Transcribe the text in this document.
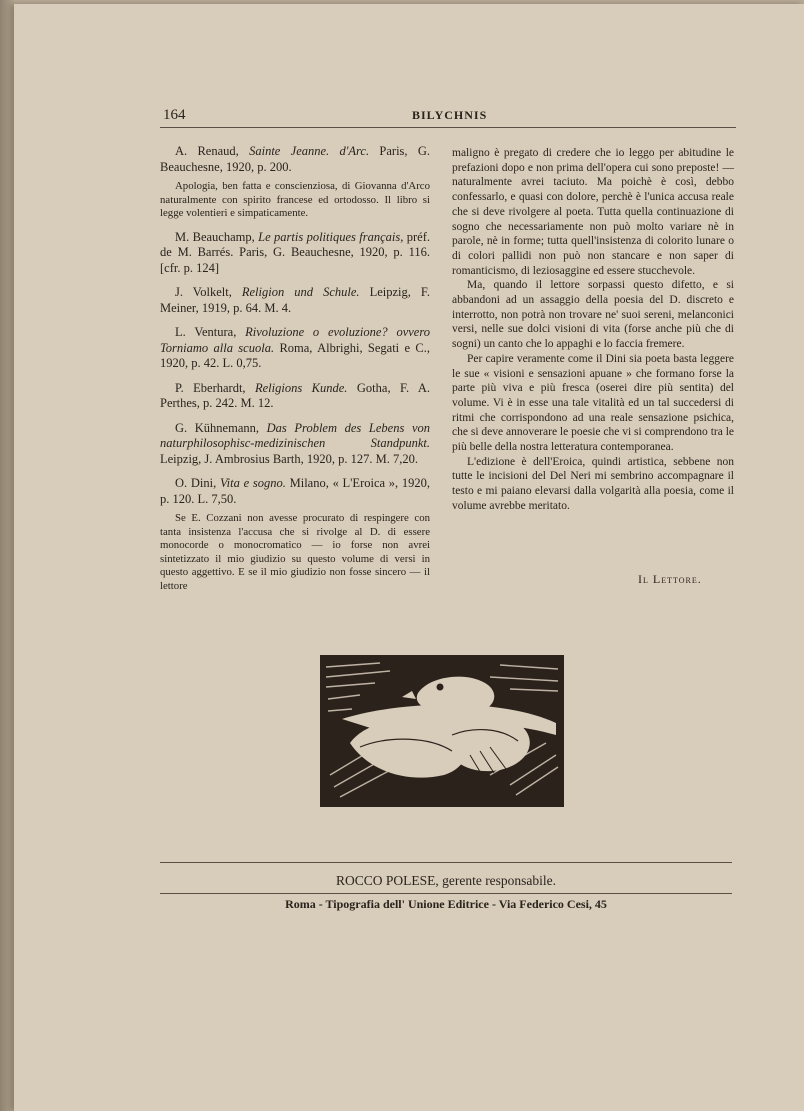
164	BILYCHNIS
A. Renaud, Sainte Jeanne. d'Arc. Paris, G. Beauchesne, 1920, p. 200.
Apologia, ben fatta e conscienziosa, di Giovanna d'Arco naturalmente con spirito francese ed ortodosso. Il libro si legge volentieri e simpaticamente.
M. Beauchamp, Le partis politiques français, préf. de M. Barrés. Paris, G. Beauchesne, 1920, p. 116. [cfr. p. 124]
J. Volkelt, Religion und Schule. Leipzig, F. Meiner, 1919, p. 64. M. 4.
L. Ventura, Rivoluzione o evoluzione? ovvero Torniamo alla scuola. Roma, Albrighi, Segati e C., 1920, p. 42. L. 0,75.
P. Eberhardt, Religions Kunde. Gotha, F. A. Perthes, p. 242. M. 12.
G. Kühnemann, Das Problem des Lebens von naturphilosophisc-medizinischen Standpunkt. Leipzig, J. Ambrosius Barth, 1920, p. 127. M. 7,20.
O. Dini, Vita e sogno. Milano, « L'Eroica », 1920, p. 120. L. 7,50.
Se E. Cozzani non avesse procurato di respingere con tanta insistenza l'accusa che si rivolge al D. di essere monocorde o monocromatico — io forse non avrei sintetizzato il mio giudizio su questo volume di versi in questo aggettivo. E se il mio giudizio non fosse sincero — il lettore

maligno è pregato di credere che io leggo per abitudine le prefazioni dopo e non prima dell'opera cui sono preposte! — naturalmente avrei taciuto. Ma poichè è così, debbo confessarlo, e quasi con dolore, perchè è l'unica accusa reale che si deve rivolgere al poeta. Tutta quella continuazione di sogno che necessariamente non può molto variare nè in parole, nè in forme; tutta quell'insistenza di colorito lunare o di colori pallidi non può non stancare e non saper di romanticismo, di leziosaggine ed essere stucchevole.

Ma, quando il lettore sorpassi questo difetto, e si abbandoni ad un assaggio della poesia del D. discreto e interrotto, non potrà non trovare ne' suoi sereni, melanconici versi, nelle sue dolci visioni di vita (forse anche più che di sogni) un canto che lo appaghi e lo faccia fremere.

Per capire veramente come il Dini sia poeta basta leggere le sue « visioni e sensazioni apuane » che formano forse la parte più viva e più fresca (oserei dire più sentita) del volume. Vi è in esse una tale vitalità ed un tal succedersi di ritmi che corrispondono ad una reale sensazione psichica, che si deve annoverare le poesie che vi si comprendono tra le più belle della nostra letteratura contemporanea.

L'edizione è dell'Eroica, quindi artistica, sebbene non tutte le incisioni del Del Neri mi sembrino accompagnare il testo e mi paiano elevarsi dalla volgarità alla poesia, come il volume avrebbe meritato.

Il Lettore.
ROCCO POLESE, gerente responsabile.
Roma - Tipografia dell' Unione Editrice - Via Federico Cesi, 45
